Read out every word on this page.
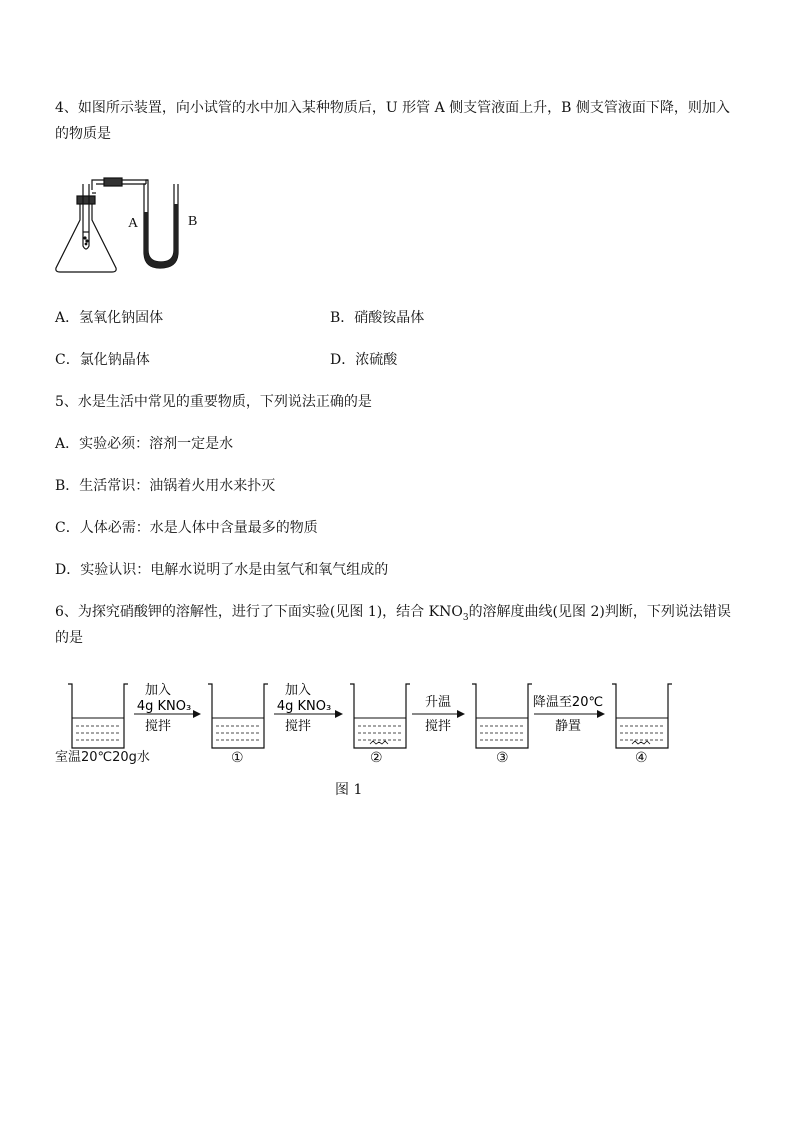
4、如图所示装置，向小试管的水中加入某种物质后，U 形管 A 侧支管液面上升，B 侧支管液面下降，则加入
的物质是
A	B
A．氢氧化钠固体	B．硝酸铵晶体
C．氯化钠晶体	D．浓硫酸
5、水是生活中常见的重要物质，下列说法正确的是
A．实验必须：溶剂一定是水
B．生活常识：油锅着火用水来扑灭
C．人体必需：水是人体中含量最多的物质
D．实验认识：电解水说明了水是由氢气和氧气组成的
6、为探究硝酸钾的溶解性，进行了下面实验(见图 1)，结合 $KNO_3$的溶解度曲线(见图 2)判断，下列说法错误
的是
加入
4g KNO₃
搅拌
加入
4g KNO₃
搅拌
升温
搅拌
降温至20℃
静置
室温20℃20g水	①	②	③	④
图 1
